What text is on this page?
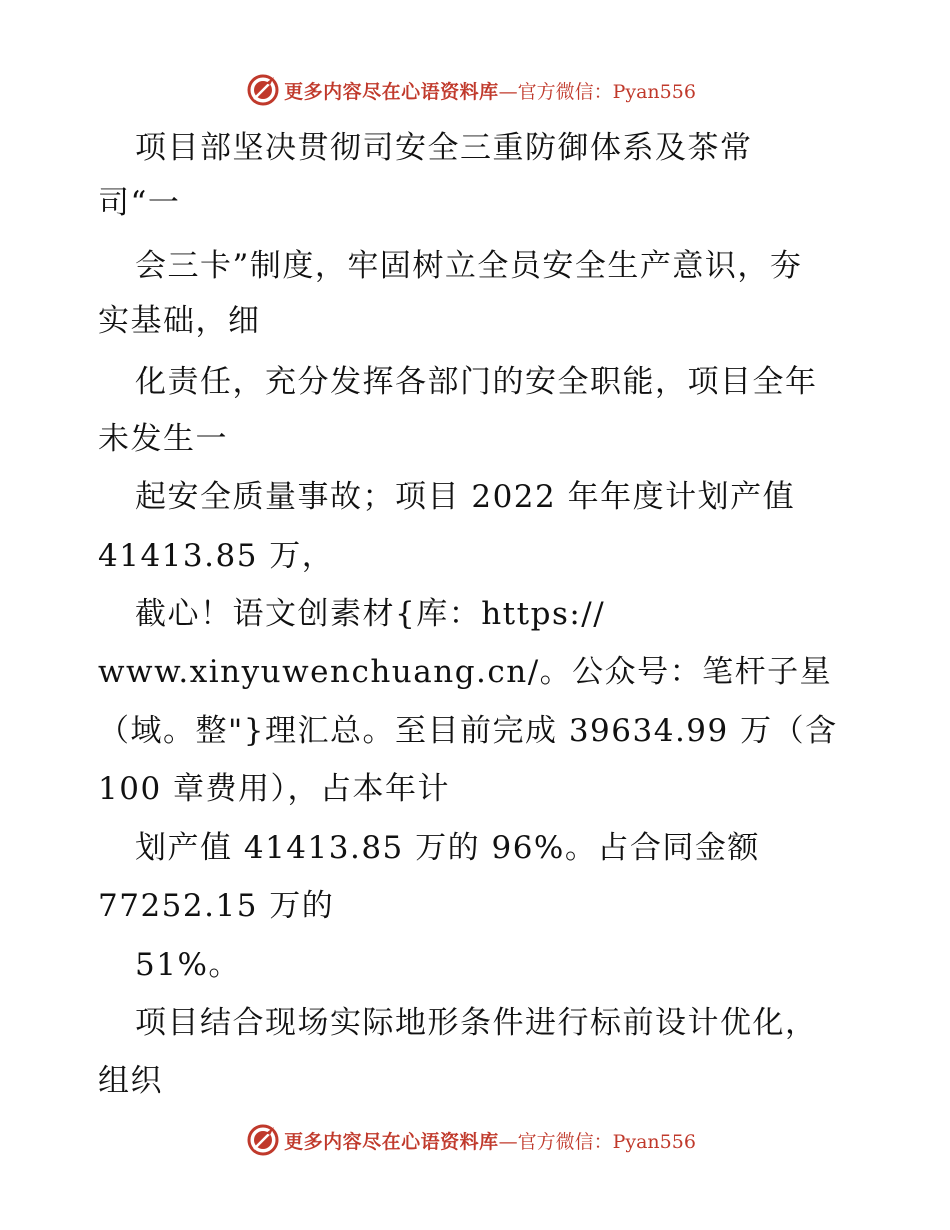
更多内容尽在心语资料库 —官方微信：Pyan556
项目部坚决贯彻司安全三重防御体系及茶常
司“一
会三卡”制度，牢固树立全员安全生产意识，夯
实基础，细
化责任，充分发挥各部门的安全职能，项目全年
未发生一
起安全质量事故；项目 2022 年年度计划产值
41413.85 万，
截心！语文创素材{库：https://
www.xinyuwenchuang.cn/。公众号：笔杆子星
（域。整"}理汇总。至目前完成 39634.99 万（含
100 章费用），占本年计
划产值 41413.85 万的 96%。占合同金额
77252.15 万的
51%。
项目结合现场实际地形条件进行标前设计优化，
组织
更多内容尽在心语资料库 —官方微信：Pyan556
